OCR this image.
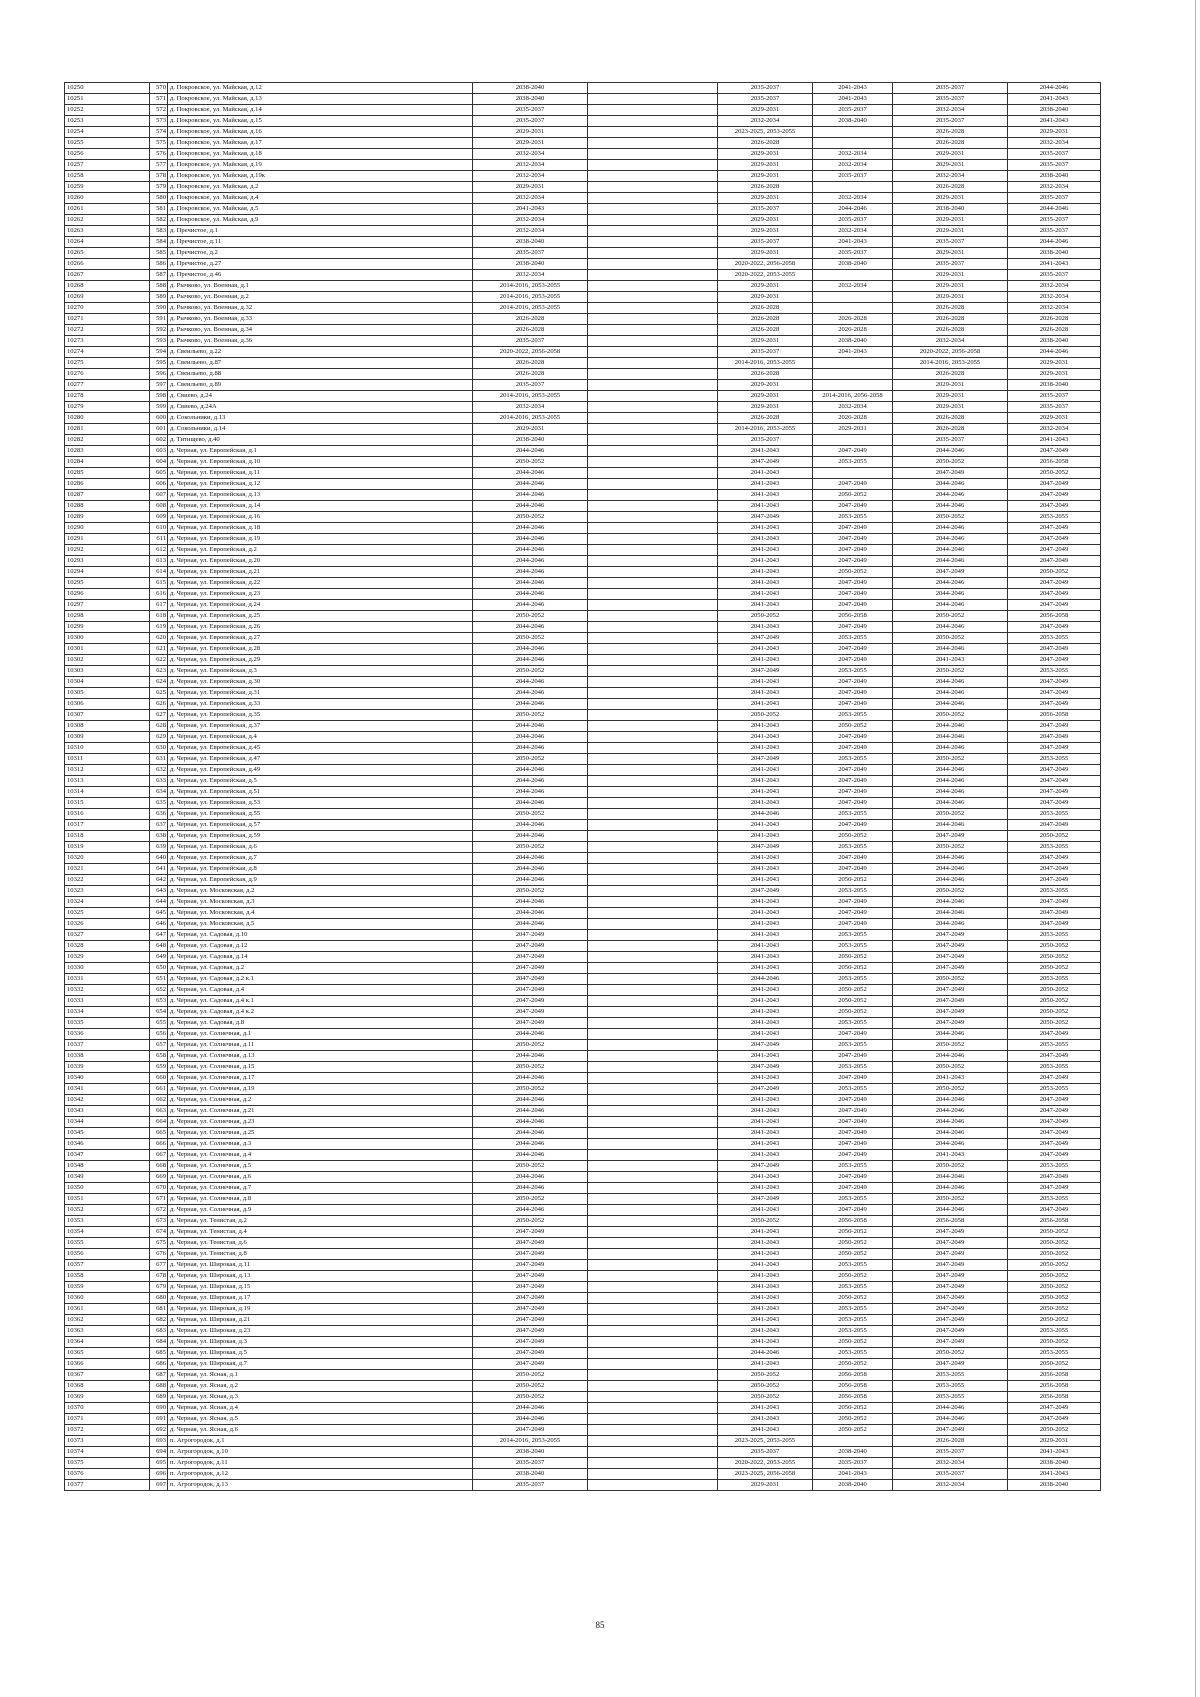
10250	570	д. Покровское, ул. Майская, д.12	2038-2040		2035-2037	2041-2043	2035-2037	2044-2046
10251	571	д. Покровское, ул. Майская, д.13	2038-2040		2035-2037	2041-2043	2035-2037	2041-2043
10252	572	д. Покровское, ул. Майская, д.14	2035-2037		2029-2031	2035-2037	2032-2034	2038-2040
10253	573	д. Покровское, ул. Майская, д.15	2035-2037		2032-2034	2038-2040	2035-2037	2041-2043
10254	574	д. Покровское, ул. Майская, д.16	2029-2031		2023-2025, 2053-2055		2026-2028	2029-2031
10255	575	д. Покровское, ул. Майская, д.17	2029-2031		2026-2028		2026-2028	2032-2034
10256	576	д. Покровское, ул. Майская, д.18	2032-2034		2029-2031	2032-2034	2029-2031	2035-2037
10257	577	д. Покровское, ул. Майская, д.19	2032-2034		2029-2031	2032-2034	2029-2031	2035-2037
10258	578	д. Покровское, ул. Майская, д.19к	2032-2034		2029-2031	2035-2037	2032-2034	2038-2040
10259	579	д. Покровское, ул. Майская, д.2	2029-2031		2026-2028		2026-2028	2032-2034
10260	580	д. Покровское, ул. Майская, д.4	2032-2034		2029-2031	2032-2034	2029-2031	2035-2037
10261	581	д. Покровское, ул. Майская, д.5	2041-2043		2035-2037	2044-2046	2038-2040	2044-2046
10262	582	д. Покровское, ул. Майская, д.9	2032-2034		2029-2031	2035-2037	2029-2031	2035-2037
10263	583	д. Пречистое, д.1	2032-2034		2029-2031	2032-2034	2029-2031	2035-2037
10264	584	д. Пречистое, д.11	2038-2040		2035-2037	2041-2043	2035-2037	2044-2046
10265	585	д. Пречистое, д.2	2035-2037		2029-2031	2035-2037	2029-2031	2038-2040
10266	586	д. Пречистое, д.27	2038-2040		2020-2022, 2056-2058	2038-2040	2035-2037	2041-2043
10267	587	д. Пречистое, д.46	2032-2034		2020-2022, 2053-2055		2029-2031	2035-2037
10268	588	д. Рычково, ул. Военная, д.1	2014-2016, 2053-2055		2029-2031	2032-2034	2029-2031	2032-2034
10269	589	д. Рычково, ул. Военная, д.2	2014-2016, 2053-2055		2029-2031		2029-2031	2032-2034
10270	590	д. Рычково, ул. Военная, д.32	2014-2016, 2053-2055		2026-2028		2026-2028	2032-2034
10271	591	д. Рычково, ул. Военная, д.33	2026-2028		2026-2028	2026-2028	2026-2028	2026-2028
10272	592	д. Рычково, ул. Военная, д.34	2026-2028		2026-2028	2026-2028	2026-2028	2026-2028
10273	593	д. Рычково, ул. Военная, д.36	2035-2037		2029-2031	2038-2040	2032-2034	2038-2040
10274	594	д. Свеильево, д.22	2020-2022, 2056-2058		2035-2037	2041-2043	2020-2022, 2056-2058	2044-2046
10275	595	д. Свеильево, д.87	2026-2028		2014-2016, 2053-2055		2014-2016, 2053-2055	2029-2031
10276	596	д. Свеильево, д.88	2026-2028		2026-2028		2026-2028	2029-2031
10277	597	д. Свеильево, д.89	2035-2037		2029-2031		2029-2031	2038-2040
10278	598	д. Свиево, д.24	2014-2016, 2053-2055		2029-2031	2014-2016, 2056-2058	2029-2031	2035-2037
10279	599	д. Свиево, д.24А	2032-2034		2029-2031	2032-2034	2029-2031	2035-2037
10280	600	д. Сокольники, д.13	2014-2016, 2053-2055		2026-2028	2026-2028	2026-2028	2029-2031
10281	601	д. Сокольники, д.14	2029-2031		2014-2016, 2053-2055	2029-2031	2026-2028	2032-2034
10282	602	д. Титищево, д.40	2038-2040		2035-2037		2035-2037	2041-2043
10283	603	д. Черная, ул. Европейская, д.1	2044-2046		2041-2043	2047-2049	2044-2046	2047-2049
10284	604	д. Черная, ул. Европейская, д.10	2050-2052		2047-2049	2053-2055	2050-2052	2056-2058
10285	605	д. Черная, ул. Европейская, д.11	2044-2046		2041-2043		2047-2049	2050-2052
10286	606	д. Черная, ул. Европейская, д.12	2044-2046		2041-2043	2047-2049	2044-2046	2047-2049
10287	607	д. Черная, ул. Европейская, д.13	2044-2046		2041-2043	2050-2052	2044-2046	2047-2049
10288	608	д. Черная, ул. Европейская, д.14	2044-2046		2041-2043	2047-2049	2044-2046	2047-2049
10289	609	д. Черная, ул. Европейская, д.16	2050-2052		2047-2049	2053-2055	2050-2052	2053-2055
10290	610	д. Черная, ул. Европейская, д.18	2044-2046		2041-2043	2047-2049	2044-2046	2047-2049
10291	611	д. Черная, ул. Европейская, д.19	2044-2046		2041-2043	2047-2049	2044-2046	2047-2049
10292	612	д. Черная, ул. Европейская, д.2	2044-2046		2041-2043	2047-2049	2044-2046	2047-2049
10293	613	д. Черная, ул. Европейская, д.20	2044-2046		2041-2043	2047-2049	2044-2046	2047-2049
10294	614	д. Черная, ул. Европейская, д.21	2044-2046		2041-2043	2050-2052	2047-2049	2050-2052
10295	615	д. Черная, ул. Европейская, д.22	2044-2046		2041-2043	2047-2049	2044-2046	2047-2049
10296	616	д. Черная, ул. Европейская, д.23	2044-2046		2041-2043	2047-2049	2044-2046	2047-2049
10297	617	д. Черная, ул. Европейская, д.24	2044-2046		2041-2043	2047-2049	2044-2046	2047-2049
10298	618	д. Черная, ул. Европейская, д.25	2050-2052		2050-2052	2056-2058	2050-2052	2056-2058
10299	619	д. Черная, ул. Европейская, д.26	2044-2046		2041-2043	2047-2049	2044-2046	2047-2049
10300	620	д. Черная, ул. Европейская, д.27	2050-2052		2047-2049	2053-2055	2050-2052	2053-2055
10301	621	д. Черная, ул. Европейская, д.28	2044-2046		2041-2043	2047-2049	2044-2046	2047-2049
10302	622	д. Черная, ул. Европейская, д.29	2044-2046		2041-2043	2047-2049	2041-2043	2047-2049
10303	623	д. Черная, ул. Европейская, д.3	2050-2052		2047-2049	2053-2055	2050-2052	2053-2055
10304	624	д. Черная, ул. Европейская, д.30	2044-2046		2041-2043	2047-2049	2044-2046	2047-2049
10305	625	д. Черная, ул. Европейская, д.31	2044-2046		2041-2043	2047-2049	2044-2046	2047-2049
10306	626	д. Черная, ул. Европейская, д.33	2044-2046		2041-2043	2047-2049	2044-2046	2047-2049
10307	627	д. Черная, ул. Европейская, д.35	2050-2052		2050-2052	2053-2055	2050-2052	2056-2058
10308	628	д. Черная, ул. Европейская, д.37	2044-2046		2041-2043	2050-2052	2044-2046	2047-2049
10309	629	д. Черная, ул. Европейская, д.4	2044-2046		2041-2043	2047-2049	2044-2046	2047-2049
10310	630	д. Черная, ул. Европейская, д.45	2044-2046		2041-2043	2047-2049	2044-2046	2047-2049
10311	631	д. Черная, ул. Европейская, д.47	2050-2052		2047-2049	2053-2055	2050-2052	2053-2055
10312	632	д. Черная, ул. Европейская, д.49	2044-2046		2041-2043	2047-2049	2044-2046	2047-2049
10313	633	д. Черная, ул. Европейская, д.5	2044-2046		2041-2043	2047-2049	2044-2046	2047-2049
10314	634	д. Черная, ул. Европейская, д.51	2044-2046		2041-2043	2047-2049	2044-2046	2047-2049
10315	635	д. Черная, ул. Европейская, д.53	2044-2046		2041-2043	2047-2049	2044-2046	2047-2049
10316	636	д. Черная, ул. Европейская, д.55	2050-2052		2044-2046	2053-2055	2050-2052	2053-2055
10317	637	д. Черная, ул. Европейская, д.57	2044-2046		2041-2043	2047-2049	2044-2046	2047-2049
10318	638	д. Черная, ул. Европейская, д.59	2044-2046		2041-2043	2050-2052	2047-2049	2050-2052
10319	639	д. Черная, ул. Европейская, д.6	2050-2052		2047-2049	2053-2055	2050-2052	2053-2055
10320	640	д. Черная, ул. Европейская, д.7	2044-2046		2041-2043	2047-2049	2044-2046	2047-2049
10321	641	д. Черная, ул. Европейская, д.8	2044-2046		2041-2043	2047-2049	2044-2046	2047-2049
10322	642	д. Черная, ул. Европейская, д.9	2044-2046		2041-2043	2050-2052	2044-2046	2047-2049
10323	643	д. Черная, ул. Московская, д.2	2050-2052		2047-2049	2053-2055	2050-2052	2053-2055
10324	644	д. Черная, ул. Московская, д.3	2044-2046		2041-2043	2047-2049	2044-2046	2047-2049
10325	645	д. Черная, ул. Московская, д.4	2044-2046		2041-2043	2047-2049	2044-2046	2047-2049
10326	646	д. Черная, ул. Московская, д.5	2044-2046		2041-2043	2047-2049	2044-2046	2047-2049
10327	647	д. Черная, ул. Садовая, д.10	2047-2049		2041-2043	2053-2055	2047-2049	2053-2055
10328	648	д. Черная, ул. Садовая, д.12	2047-2049		2041-2043	2053-2055	2047-2049	2050-2052
10329	649	д. Черная, ул. Садовая, д.14	2047-2049		2041-2043	2050-2052	2047-2049	2050-2052
10330	650	д. Черная, ул. Садовая, д.2	2047-2049		2041-2043	2050-2052	2047-2049	2050-2052
10331	651	д. Черная, ул. Садовая, д.2 к.1	2047-2049		2044-2046	2053-2055	2050-2052	2053-2055
10332	652	д. Черная, ул. Садовая, д.4	2047-2049		2041-2043	2050-2052	2047-2049	2050-2052
10333	653	д. Черная, ул. Садовая, д.4 к.1	2047-2049		2041-2043	2050-2052	2047-2049	2050-2052
10334	654	д. Черная, ул. Садовая, д.4 к.2	2047-2049		2041-2043	2050-2052	2047-2049	2050-2052
10335	655	д. Черная, ул. Садовая, д.8	2047-2049		2041-2043	2053-2055	2047-2049	2050-2052
10336	656	д. Черная, ул. Солнечная, д.1	2044-2046		2041-2043	2047-2049	2044-2046	2047-2049
10337	657	д. Черная, ул. Солнечная, д.11	2050-2052		2047-2049	2053-2055	2050-2052	2053-2055
10338	658	д. Черная, ул. Солнечная, д.13	2044-2046		2041-2043	2047-2049	2044-2046	2047-2049
10339	659	д. Черная, ул. Солнечная, д.15	2050-2052		2047-2049	2053-2055	2050-2052	2053-2055
10340	660	д. Черная, ул. Солнечная, д.17	2044-2046		2041-2043	2047-2049	2041-2043	2047-2049
10341	661	д. Черная, ул. Солнечная, д.19	2050-2052		2047-2049	2053-2055	2050-2052	2053-2055
10342	662	д. Черная, ул. Солнечная, д.2	2044-2046		2041-2043	2047-2049	2044-2046	2047-2049
10343	663	д. Черная, ул. Солнечная, д.21	2044-2046		2041-2043	2047-2049	2044-2046	2047-2049
10344	664	д. Черная, ул. Солнечная, д.23	2044-2046		2041-2043	2047-2049	2044-2046	2047-2049
10345	665	д. Черная, ул. Солнечная, д.25	2044-2046		2041-2043	2047-2049	2044-2046	2047-2049
10346	666	д. Черная, ул. Солнечная, д.3	2044-2046		2041-2043	2047-2049	2044-2046	2047-2049
10347	667	д. Черная, ул. Солнечная, д.4	2044-2046		2041-2043	2047-2049	2041-2043	2047-2049
10348	668	д. Черная, ул. Солнечная, д.5	2050-2052		2047-2049	2053-2055	2050-2052	2053-2055
10349	669	д. Черная, ул. Солнечная, д.6	2044-2046		2041-2043	2047-2049	2044-2046	2047-2049
10350	670	д. Черная, ул. Солнечная, д.7	2044-2046		2041-2043	2047-2049	2044-2046	2047-2049
10351	671	д. Черная, ул. Солнечная, д.8	2050-2052		2047-2049	2053-2055	2050-2052	2053-2055
10352	672	д. Черная, ул. Солнечная, д.9	2044-2046		2041-2043	2047-2049	2044-2046	2047-2049
10353	673	д. Черная, ул. Тенистая, д.2	2050-2052		2050-2052	2056-2058	2056-2058	2056-2058
10354	674	д. Черная, ул. Тенистая, д.4	2047-2049		2041-2043	2050-2052	2047-2049	2050-2052
10355	675	д. Черная, ул. Тенистая, д.6	2047-2049		2041-2043	2050-2052	2047-2049	2050-2052
10356	676	д. Черная, ул. Тенистая, д.8	2047-2049		2041-2043	2050-2052	2047-2049	2050-2052
10357	677	д. Черная, ул. Широкая, д.11	2047-2049		2041-2043	2053-2055	2047-2049	2050-2052
10358	678	д. Черная, ул. Широкая, д.13	2047-2049		2041-2043	2050-2052	2047-2049	2050-2052
10359	679	д. Черная, ул. Широкая, д.15	2047-2049		2041-2043	2053-2055	2047-2049	2050-2052
10360	680	д. Черная, ул. Широкая, д.17	2047-2049		2041-2043	2050-2052	2047-2049	2050-2052
10361	681	д. Черная, ул. Широкая, д.19	2047-2049		2041-2043	2053-2055	2047-2049	2050-2052
10362	682	д. Черная, ул. Широкая, д.21	2047-2049		2041-2043	2053-2055	2047-2049	2050-2052
10363	683	д. Черная, ул. Широкая, д.23	2047-2049		2041-2043	2053-2055	2047-2049	2053-2055
10364	684	д. Черная, ул. Широкая, д.3	2047-2049		2041-2043	2050-2052	2047-2049	2050-2052
10365	685	д. Черная, ул. Широкая, д.5	2047-2049		2044-2046	2053-2055	2050-2052	2053-2055
10366	686	д. Черная, ул. Широкая, д.7	2047-2049		2041-2043	2050-2052	2047-2049	2050-2052
10367	687	д. Черная, ул. Ясная, д.1	2050-2052		2050-2052	2056-2058	2053-2055	2056-2058
10368	688	д. Черная, ул. Ясная, д.2	2050-2052		2050-2052	2056-2058	2053-2055	2056-2058
10369	689	д. Черная, ул. Ясная, д.3	2050-2052		2050-2052	2056-2058	2053-2055	2056-2058
10370	690	д. Черная, ул. Ясная, д.4	2044-2046		2041-2043	2050-2052	2044-2046	2047-2049
10371	691	д. Черная, ул. Ясная, д.5	2044-2046		2041-2043	2050-2052	2044-2046	2047-2049
10372	692	д. Черная, ул. Ясная, д.6	2047-2049		2041-2043	2050-2052	2047-2049	2050-2052
10373	693	п. Агрогородок, д.1	2014-2016, 2053-2055		2023-2025, 2053-2055		2026-2028	2029-2031
10374	694	п. Агрогородок, д.10	2038-2040		2035-2037	2038-2040	2035-2037	2041-2043
10375	695	п. Агрогородок, д.11	2035-2037		2020-2022, 2053-2055	2035-2037	2032-2034	2038-2040
10376	696	п. Агрогородок, д.12	2038-2040		2023-2025, 2056-2058	2041-2043	2035-2037	2041-2043
10377	697	п. Агрогородок, д.13	2035-2037		2029-2031	2038-2040	2032-2034	2038-2040
85
